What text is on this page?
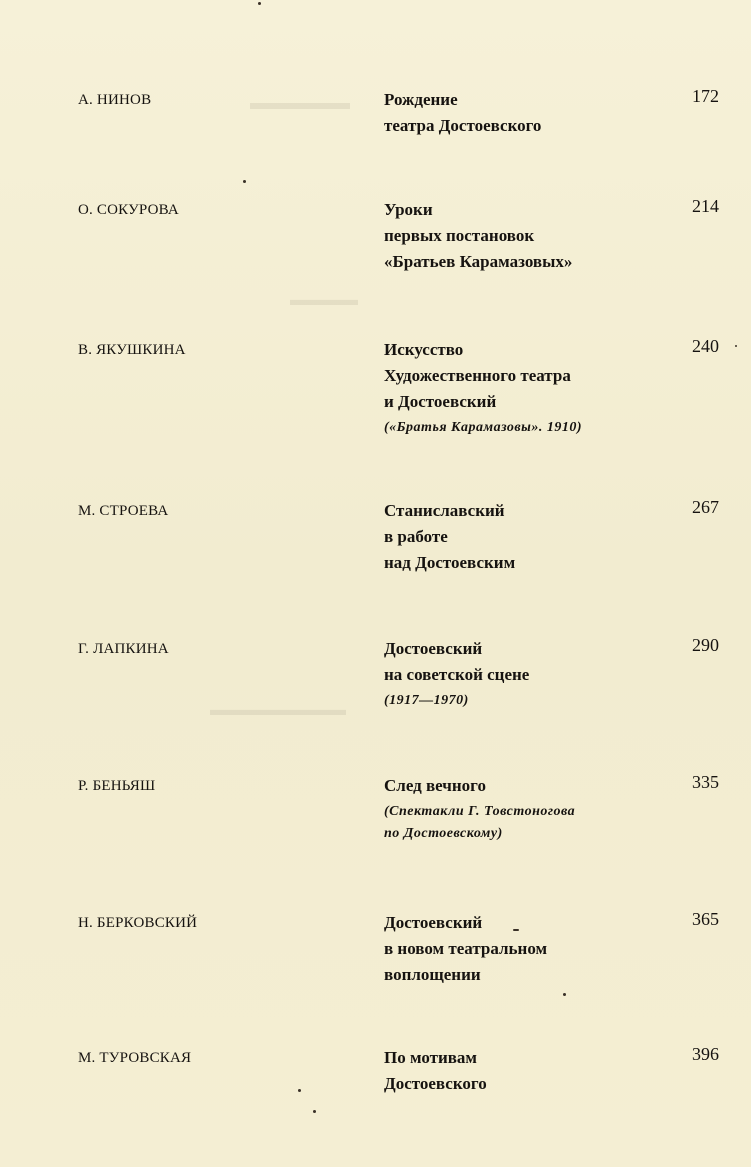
▬▬▬▬▬
▬▬▬▬
▬▬▬▬▬▬▬▬
А. НИНОВ	Рождение
театра Достоевского
172
О. СОКУРОВА	Уроки
первых постановок
«Братьев Карамазовых»
214
В. ЯКУШКИНА	Искусство
Художественного театра
и Достоевский
(«Братья Карамазовы». 1910)
240
М. СТРОЕВА	Станиславский
в работе
над Достоевским
267
Г. ЛАПКИНА	Достоевский
на советской сцене
(1917—1970)
290
Р. БЕНЬЯШ	След вечного
(Спектакли Г. Товстоногова
по Достоевскому)
335
Н. БЕРКОВСКИЙ	Достоевский
в новом театральном
воплощении
365
М. ТУРОВСКАЯ	По мотивам
Достоевского
396
